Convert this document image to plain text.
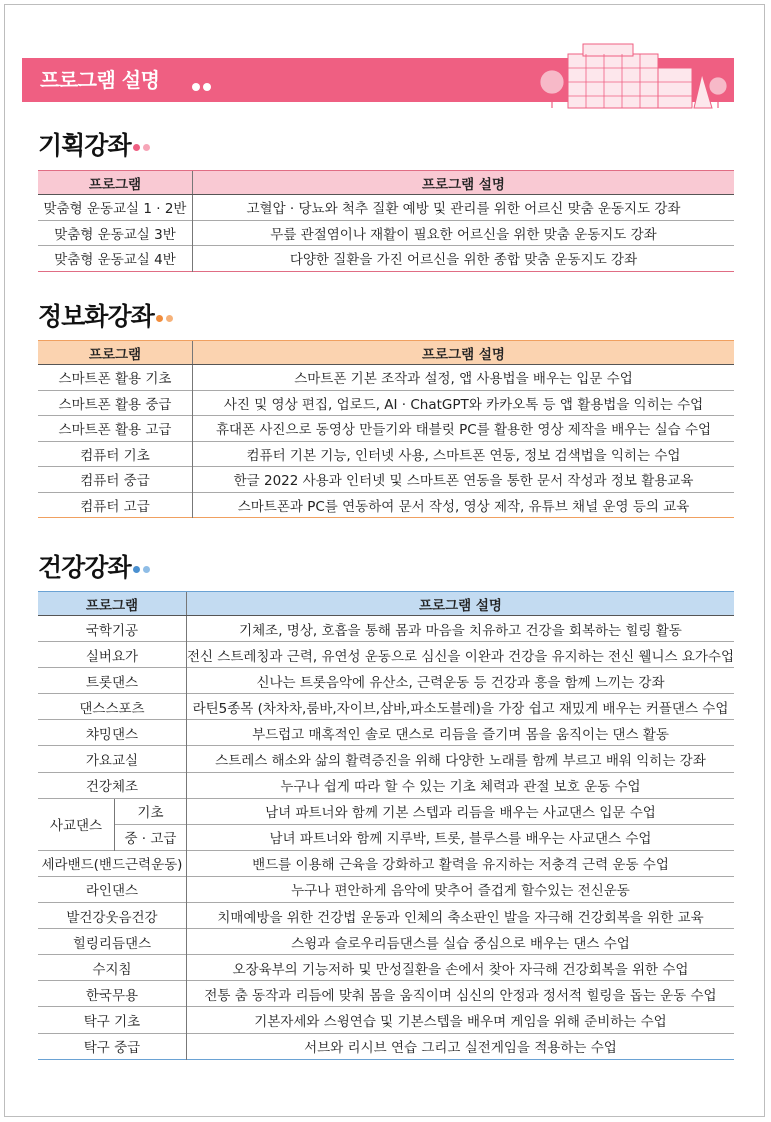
프로그램 설명
기획강좌
프로그램	프로그램 설명
맞춤형 운동교실 1 · 2반	고혈압 · 당뇨와 척추 질환 예방 및 관리를 위한 어르신 맞춤 운동지도 강좌
맞춤형 운동교실 3반	무릎 관절염이나 재활이 필요한 어르신을 위한 맞춤 운동지도 강좌
맞춤형 운동교실 4반	다양한 질환을 가진 어르신을 위한 종합 맞춤 운동지도 강좌
정보화강좌
프로그램	프로그램 설명
스마트폰 활용 기초	스마트폰 기본 조작과 설정, 앱 사용법을 배우는 입문 수업
스마트폰 활용 중급	사진 및 영상 편집, 업로드, AI · ChatGPT와 카카오톡 등 앱 활용법을 익히는 수업
스마트폰 활용 고급	휴대폰 사진으로 동영상 만들기와 태블릿 PC를 활용한 영상 제작을 배우는 실습 수업
컴퓨터 기초	컴퓨터 기본 기능, 인터넷 사용, 스마트폰 연동, 정보 검색법을 익히는 수업
컴퓨터 중급	한글 2022 사용과 인터넷 및 스마트폰 연동을 통한 문서 작성과 정보 활용교육
컴퓨터 고급	스마트폰과 PC를 연동하여 문서 작성, 영상 제작, 유튜브 채널 운영 등의 교육
건강강좌
프로그램		프로그램 설명
국학기공		기체조, 명상, 호흡을 통해 몸과 마음을 치유하고 건강을 회복하는 힐링 활동
실버요가		전신 스트레칭과 근력, 유연성 운동으로 심신을 이완과 건강을 유지하는 전신 웰니스 요가수업
트롯댄스		신나는 트롯음악에 유산소, 근력운동 등 건강과 흥을 함께 느끼는 강좌
댄스스포츠		라틴5종목 (차차차,룸바,자이브,삼바,파소도블레)을 가장 쉽고 재밌게 배우는 커플댄스 수업
챠밍댄스		부드럽고 매혹적인 솔로 댄스로 리듬을 즐기며 몸을 움직이는 댄스 활동
가요교실		스트레스 해소와 삶의 활력증진을 위해 다양한 노래를 함께 부르고 배워 익히는 강좌
건강체조		누구나 쉽게 따라 할 수 있는 기초 체력과 관절 보호 운동 수업
사교댄스	기초	남녀 파트너와 함께 기본 스텝과 리듬을 배우는 사교댄스 입문 수업
	중 · 고급	남녀 파트너와 함께 지루박, 트롯, 블루스를 배우는 사교댄스 수업
세라밴드(밴드근력운동)		밴드를 이용해 근육을 강화하고 활력을 유지하는 저충격 근력 운동 수업
라인댄스		누구나 편안하게 음악에 맞추어 즐겁게 할수있는 전신운동
발건강웃음건강		치매예방을 위한 건강법 운동과 인체의 축소판인 발을 자극해 건강회복을 위한 교육
힐링리듬댄스		스윙과 슬로우리듬댄스를 실습 중심으로 배우는 댄스 수업
수지침		오장육부의 기능저하 및 만성질환을 손에서 찾아 자극해 건강회복을 위한 수업
한국무용		전통 춤 동작과 리듬에 맞춰 몸을 움직이며 심신의 안정과 정서적 힐링을 돕는 운동 수업
탁구 기초		기본자세와 스윙연습 및 기본스텝을 배우며 게임을 위해 준비하는 수업
탁구 중급		서브와 리시브 연습 그리고 실전게임을 적용하는 수업
